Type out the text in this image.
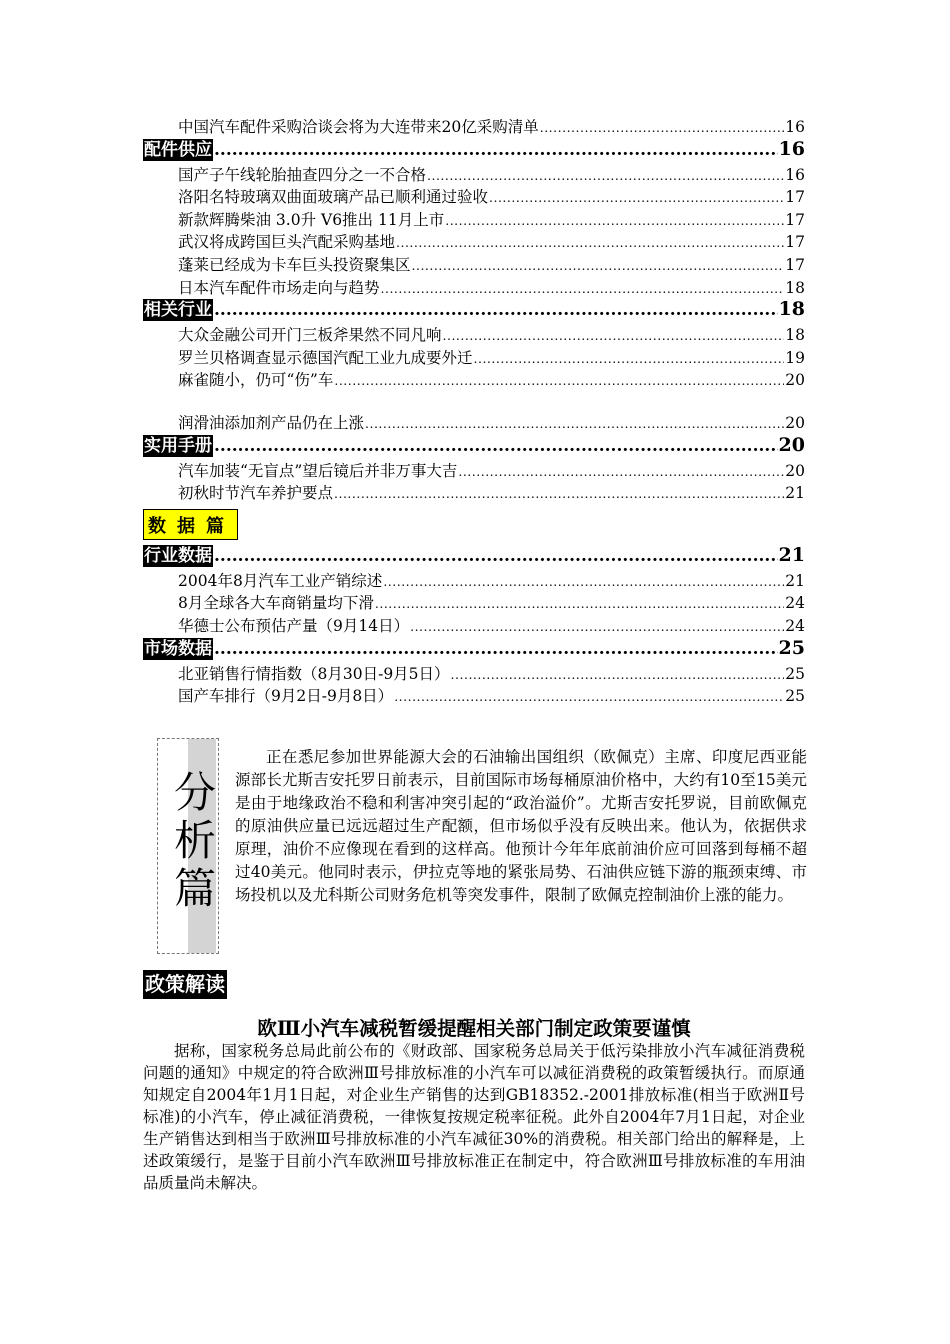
中国汽车配件采购洽谈会将为大连带来20亿采购清单 .....	16
配件供应 .....	16
国产子午线轮胎抽查四分之一不合格 .....	16
洛阳名特玻璃双曲面玻璃产品已顺利通过验收 .....	17
新款辉腾柴油 3.0升 V6推出 11月上市 .....	17
武汉将成跨国巨头汽配采购基地 .....	17
蓬莱已经成为卡车巨头投资聚集区 .....	17
日本汽车配件市场走向与趋势 .....	18
相关行业 .....	18
大众金融公司开门三板斧果然不同凡响 .....	18
罗兰贝格调查显示德国汽配工业九成要外迁 .....	19
麻雀随小，仍可“伤”车 .....	20
润滑油添加剂产品仍在上涨 .....	20
实用手册 .....	20
汽车加装“无盲点”望后镜后并非万事大吉 .....	20
初秋时节汽车养护要点 .....	21
数据篇
行业数据 .....	21
2004年8月汽车工业产销综述 .....	21
8月全球各大车商销量均下滑 .....	24
华德士公布预估产量（9月14日） .....	24
市场数据 .....	25
北亚销售行情指数（8月30日-9月5日） .....	25
国产车排行（9月2日-9月8日） .....	25
分
析
篇
正在悉尼参加世界能源大会的石油输出国组织（欧佩克）主席、印度尼西亚能源部长尤斯吉安托罗日前表示，目前国际市场每桶原油价格中，大约有10至15美元是由于地缘政治不稳和利害冲突引起的“政治溢价”。尤斯吉安托罗说，目前欧佩克的原油供应量已远远超过生产配额，但市场似乎没有反映出来。他认为，依据供求原理，油价不应像现在看到的这样高。他预计今年年底前油价应可回落到每桶不超过40美元。他同时表示，伊拉克等地的紧张局势、石油供应链下游的瓶颈束缚、市场投机以及尤科斯公司财务危机等突发事件，限制了欧佩克控制油价上涨的能力。
政策解读
欧Ⅲ小汽车减税暂缓提醒相关部门制定政策要谨慎
据称，国家税务总局此前公布的《财政部、国家税务总局关于低污染排放小汽车减征消费税问题的通知》中规定的符合欧洲Ⅲ号排放标准的小汽车可以减征消费税的政策暂缓执行。而原通知规定自2004年1月1日起，对企业生产销售的达到GB18352.-2001排放标准(相当于欧洲Ⅱ号标准)的小汽车，停止减征消费税，一律恢复按规定税率征税。此外自2004年7月1日起，对企业生产销售达到相当于欧洲Ⅲ号排放标准的小汽车减征30%的消费税。相关部门给出的解释是，上述政策缓行，是鉴于目前小汽车欧洲Ⅲ号排放标准正在制定中，符合欧洲Ⅲ号排放标准的车用油品质量尚未解决。
